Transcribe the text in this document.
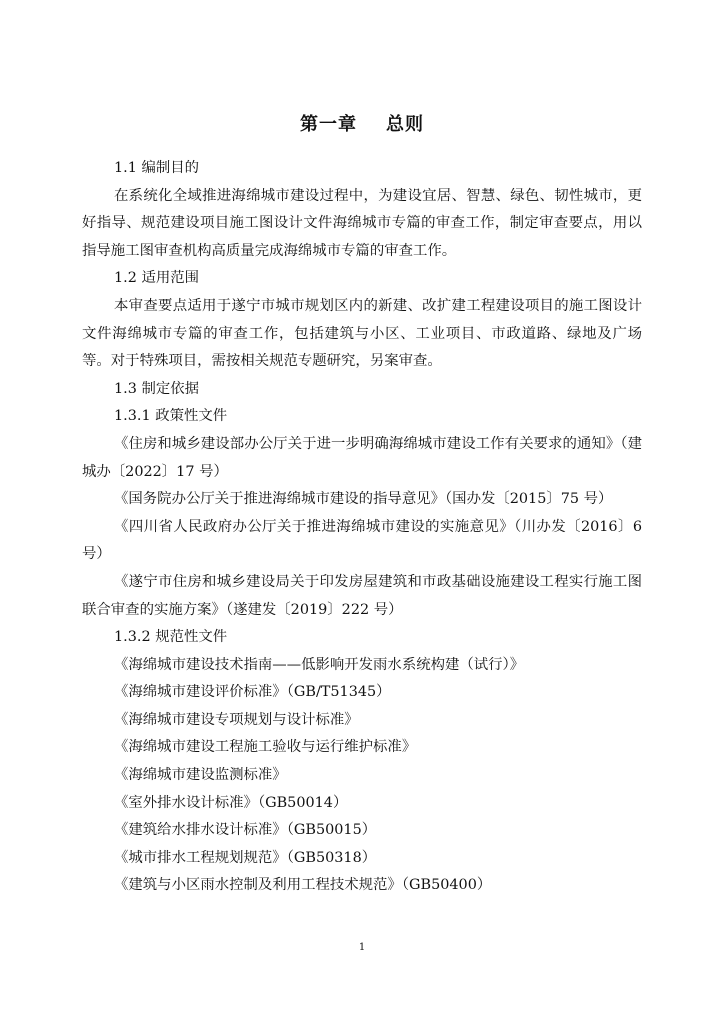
第一章    总则

1.1 编制目的

在系统化全域推进海绵城市建设过程中，为建设宜居、智慧、绿色、韧性城市，更好指导、规范建设项目施工图设计文件海绵城市专篇的审查工作，制定审查要点，用以指导施工图审查机构高质量完成海绵城市专篇的审查工作。

1.2 适用范围

本审查要点适用于遂宁市城市规划区内的新建、改扩建工程建设项目的施工图设计文件海绵城市专篇的审查工作，包括建筑与小区、工业项目、市政道路、绿地及广场等。对于特殊项目，需按相关规范专题研究，另案审查。

1.3 制定依据

1.3.1 政策性文件

《住房和城乡建设部办公厅关于进一步明确海绵城市建设工作有关要求的通知》（建城办〔2022〕17 号）

《国务院办公厅关于推进海绵城市建设的指导意见》（国办发〔2015〕75 号）

《四川省人民政府办公厅关于推进海绵城市建设的实施意见》（川办发〔2016〕6号）

《遂宁市住房和城乡建设局关于印发房屋建筑和市政基础设施建设工程实行施工图联合审查的实施方案》（遂建发〔2019〕222 号）

1.3.2 规范性文件

《海绵城市建设技术指南——低影响开发雨水系统构建（试行）》

《海绵城市建设评价标准》（GB/T51345）

《海绵城市建设专项规划与设计标准》

《海绵城市建设工程施工验收与运行维护标准》

《海绵城市建设监测标准》

《室外排水设计标准》（GB50014）

《建筑给水排水设计标准》（GB50015）

《城市排水工程规划规范》（GB50318）

《建筑与小区雨水控制及利用工程技术规范》（GB50400）

1
